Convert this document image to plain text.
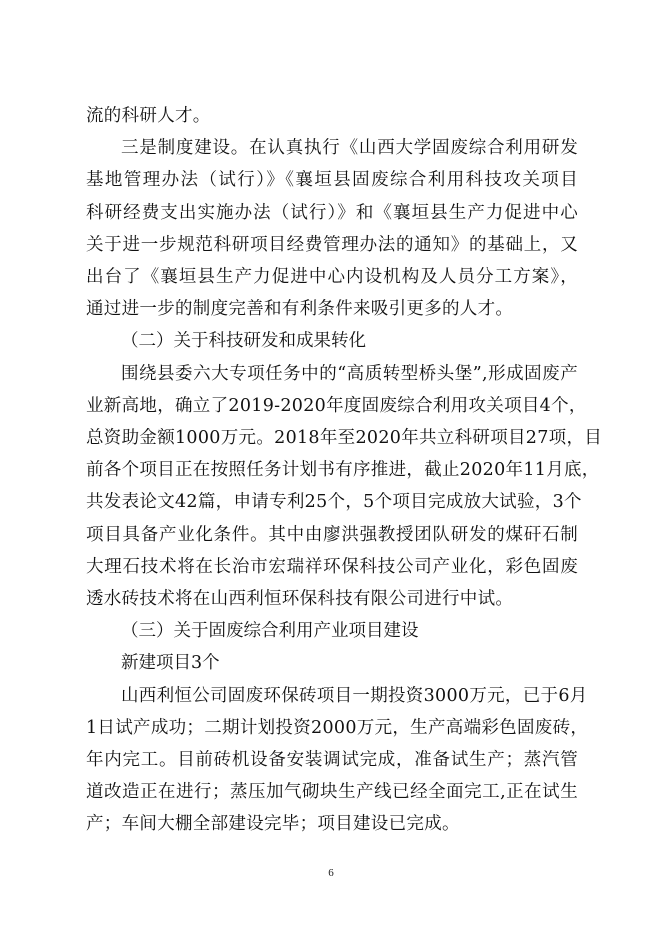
流的科研人才。

三是制度建设。在认真执行《山西大学固废综合利用研发
基地管理办法（试行）》《襄垣县固废综合利用科技攻关项目
科研经费支出实施办法（试行）》和《襄垣县生产力促进中心
关于进一步规范科研项目经费管理办法的通知》的基础上，又
出台了《襄垣县生产力促进中心内设机构及人员分工方案》，
通过进一步的制度完善和有利条件来吸引更多的人才。

（二）关于科技研发和成果转化

围绕县委六大专项任务中的“高质转型桥头堡”,形成固废产
业新高地，确立了2019-2020年度固废综合利用攻关项目4个，
总资助金额1000万元。2018年至2020年共立科研项目27项，目
前各个项目正在按照任务计划书有序推进，截止2020年11月底，
共发表论文42篇，申请专利25个，5个项目完成放大试验，3个
项目具备产业化条件。其中由廖洪强教授团队研发的煤矸石制
大理石技术将在长治市宏瑞祥环保科技公司产业化，彩色固废
透水砖技术将在山西利恒环保科技有限公司进行中试。

（三）关于固废综合利用产业项目建设

新建项目3个

山西利恒公司固废环保砖项目一期投资3000万元，已于6月
1日试产成功；二期计划投资2000万元，生产高端彩色固废砖，
年内完工。目前砖机设备安装调试完成，准备试生产；蒸汽管
道改造正在进行；蒸压加气砌块生产线已经全面完工,正在试生
产；车间大棚全部建设完毕；项目建设已完成。

6
